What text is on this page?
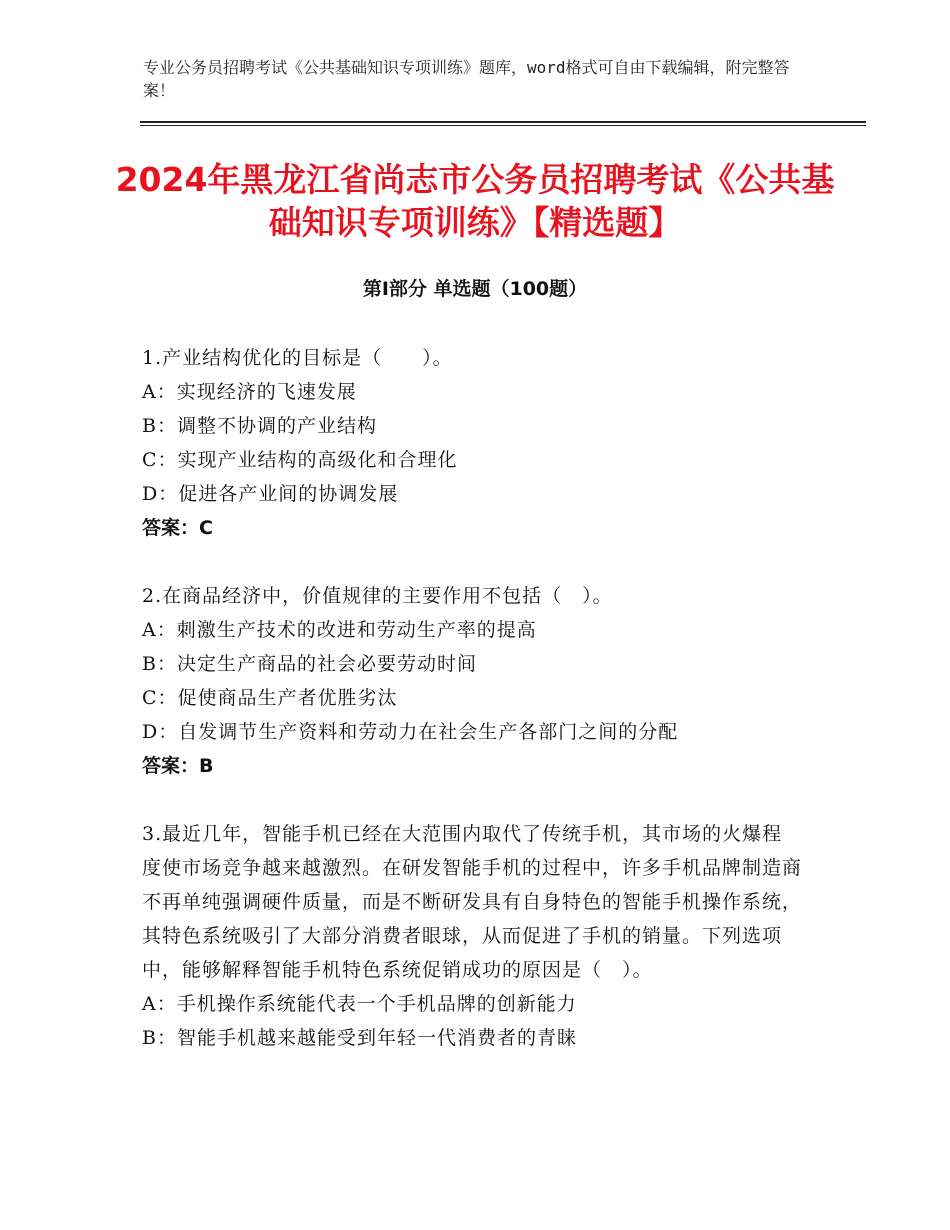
专业公务员招聘考试《公共基础知识专项训练》题库，word格式可自由下载编辑，附完整答案！
2024年黑龙江省尚志市公务员招聘考试《公共基础知识专项训练》【精选题】
第Ⅰ部分 单选题（100题）
1.产业结构优化的目标是（　　）。
A：实现经济的飞速发展
B：调整不协调的产业结构
C：实现产业结构的高级化和合理化
D：促进各产业间的协调发展
答案：C
2.在商品经济中，价值规律的主要作用不包括（　）。
A：刺激生产技术的改进和劳动生产率的提高
B：决定生产商品的社会必要劳动时间
C：促使商品生产者优胜劣汰
D：自发调节生产资料和劳动力在社会生产各部门之间的分配
答案：B
3.最近几年，智能手机已经在大范围内取代了传统手机，其市场的火爆程度使市场竞争越来越激烈。在研发智能手机的过程中，许多手机品牌制造商不再单纯强调硬件质量，而是不断研发具有自身特色的智能手机操作系统，其特色系统吸引了大部分消费者眼球，从而促进了手机的销量。下列选项中，能够解释智能手机特色系统促销成功的原因是（　）。
A：手机操作系统能代表一个手机品牌的创新能力
B：智能手机越来越能受到年轻一代消费者的青睐
